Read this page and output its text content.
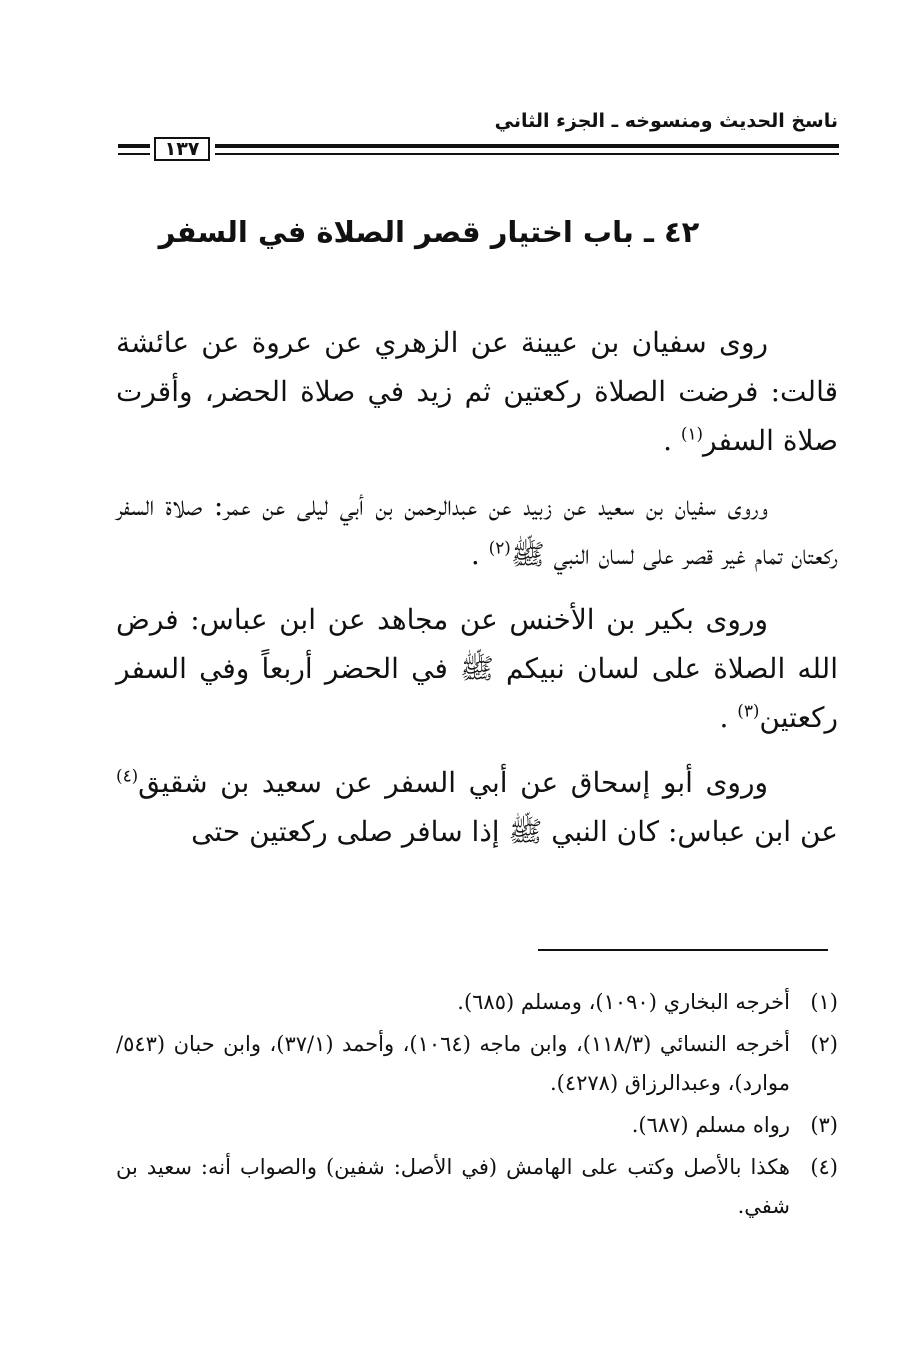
ناسخ الحديث ومنسوخه ـ الجزء الثاني
١٣٧
٤٢ ـ باب اختيار قصر الصلاة في السفر

روى سفيان بن عيينة عن الزهري عن عروة عن عائشة قالت: فرضت الصلاة ركعتين ثم زيد في صلاة الحضر، وأقرت صلاة السفر$^{(١)}$ .

وروى سفيان بن سعيد عن زبيد عن عبدالرحمن بن أبي ليلى عن عمر: صلاة السفر ركعتان تمام غير قصر على لسان النبي ﷺ$^{(٢)}$ .

وروى بكير بن الأخنس عن مجاهد عن ابن عباس: فرض الله الصلاة على لسان نبيكم ﷺ في الحضر أربعاً وفي السفر ركعتين$^{(٣)}$ .

وروى أبو إسحاق عن أبي السفر عن سعيد بن شقيق$^{(٤)}$ عن ابن عباس: كان النبي ﷺ إذا سافر صلى ركعتين حتى

(١)
أخرجه البخاري (١٠٩٠)، ومسلم (٦٨٥).
(٢)
أخرجه النسائي (١١٨/٣)، وابن ماجه (١٠٦٤)، وأحمد (٣٧/١)، وابن حبان (٥٤٣/ موارد)، وعبدالرزاق (٤٢٧٨).
(٣)
رواه مسلم (٦٨٧).
(٤)
هكذا بالأصل وكتب على الهامش (في الأصل: شفين) والصواب أنه: سعيد بن شفي.
